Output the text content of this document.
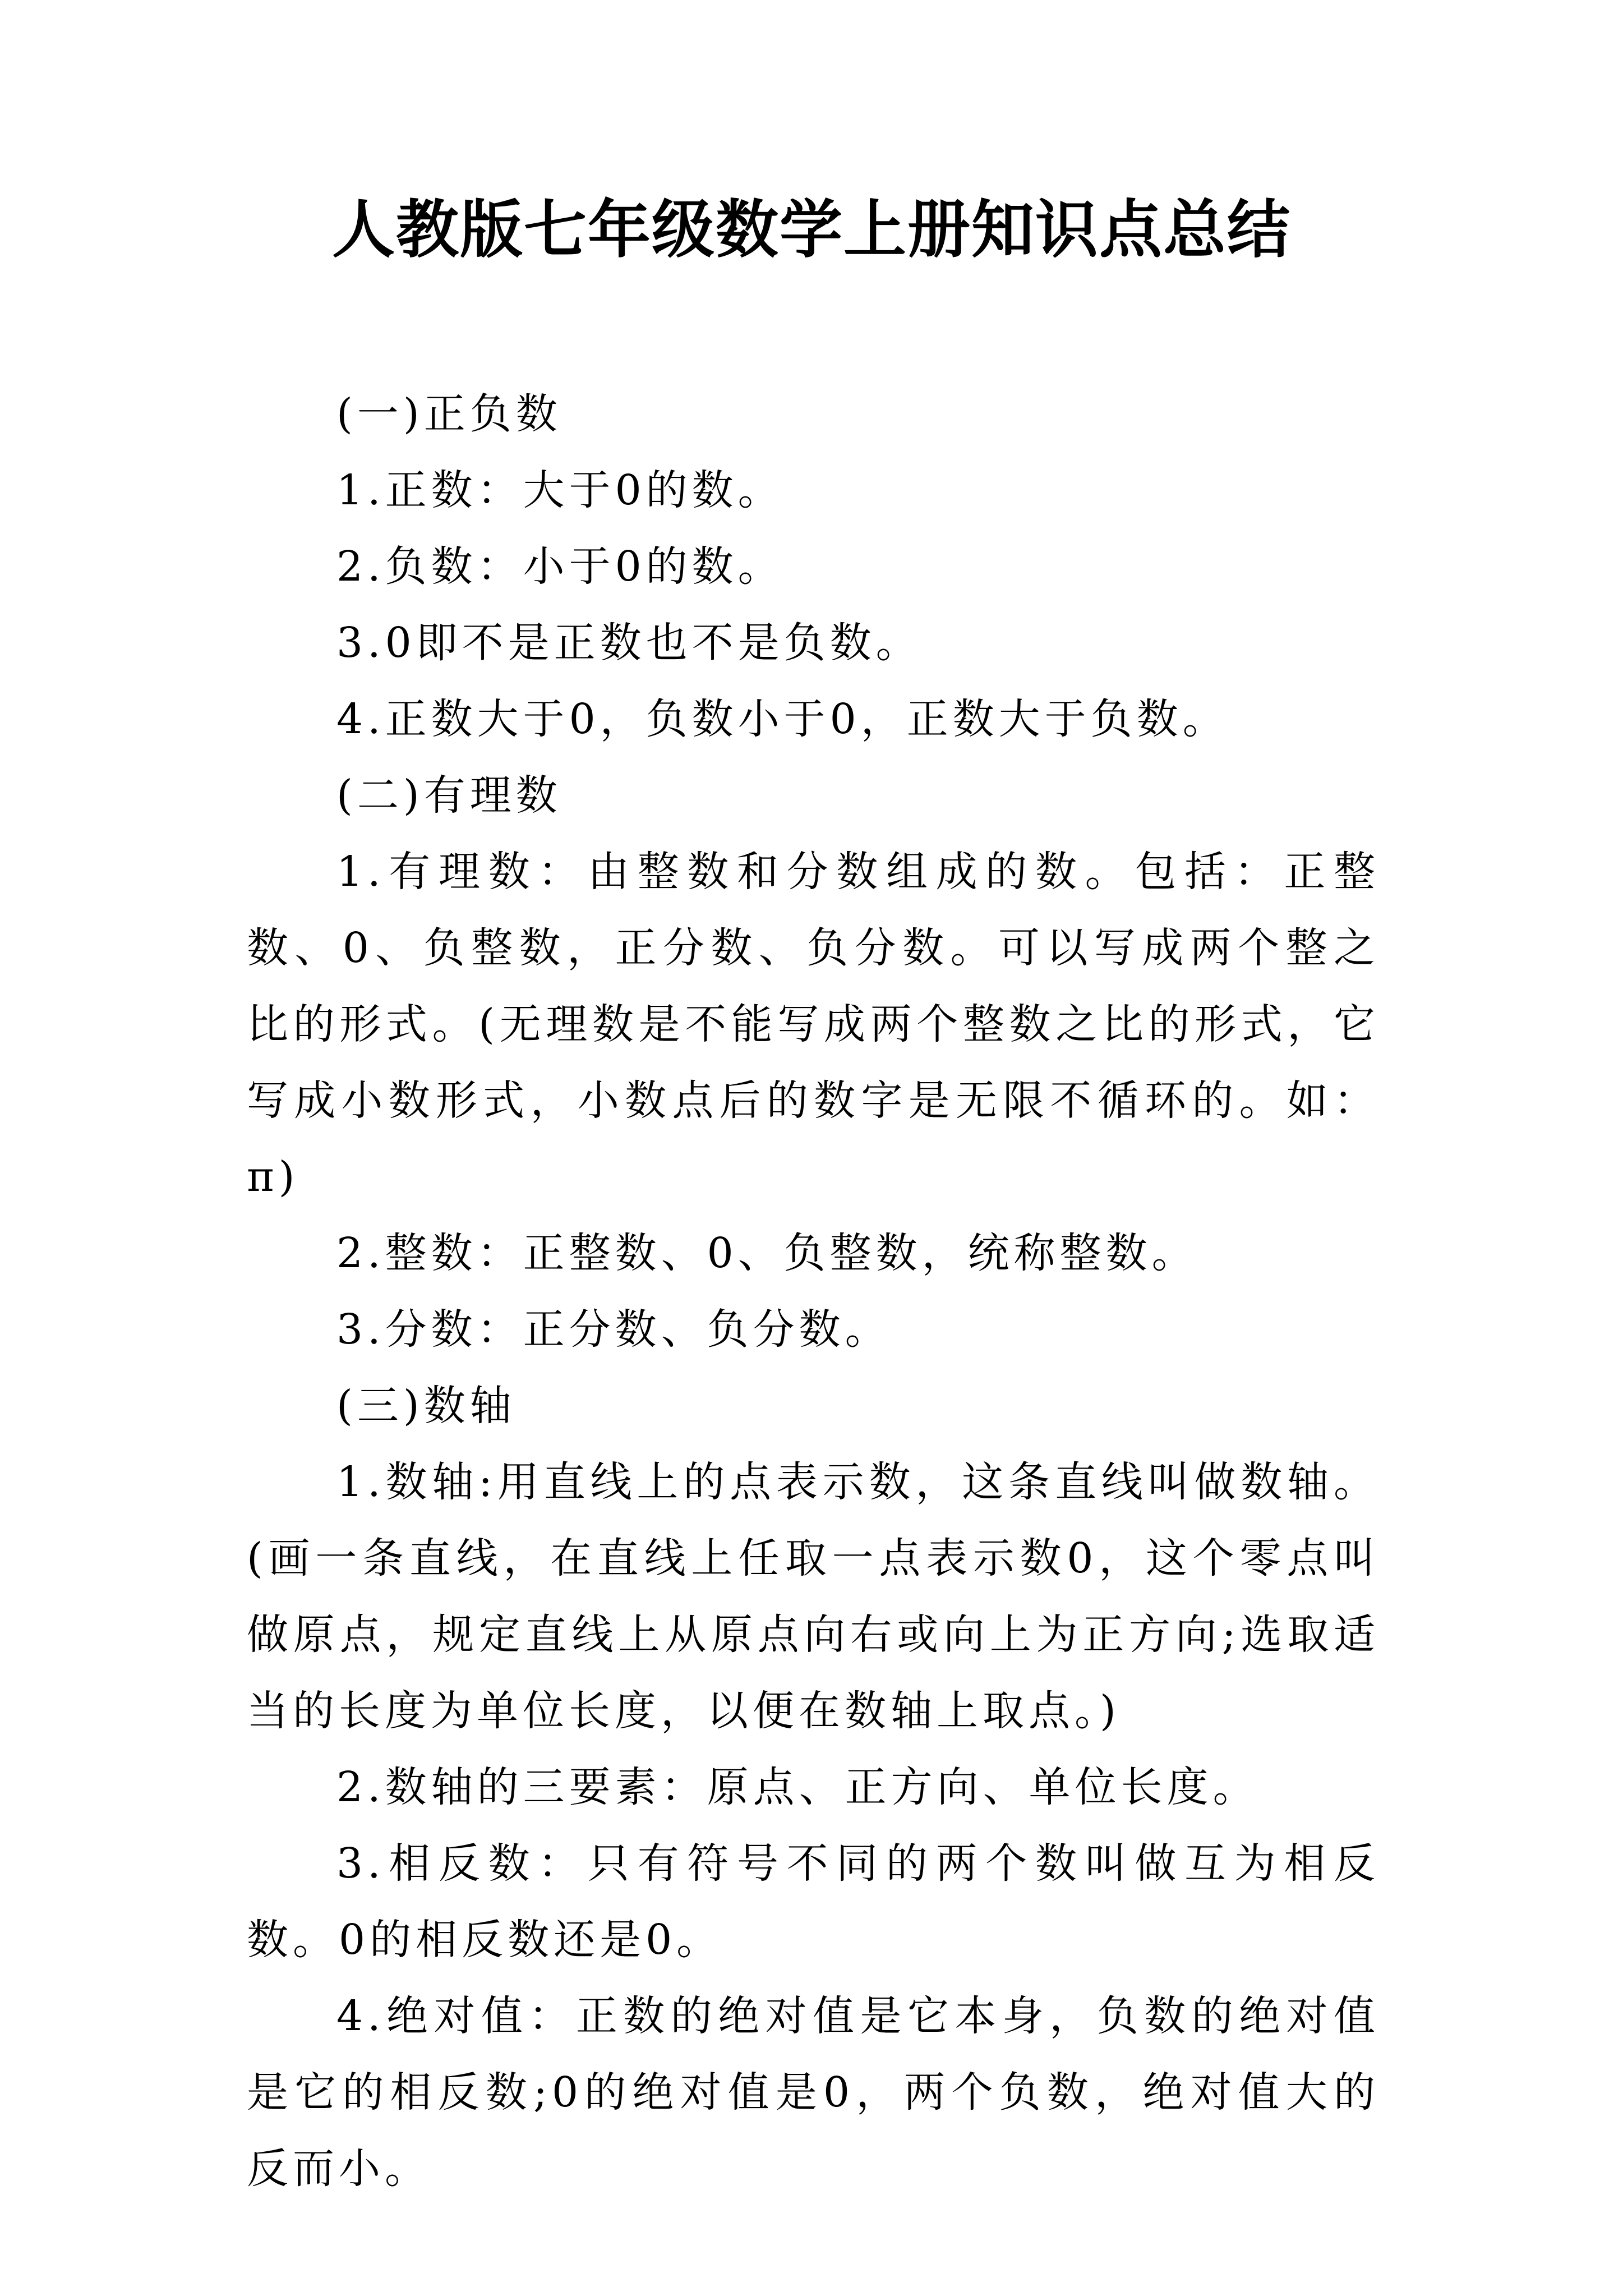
人教版七年级数学上册知识点总结

(一)正负数

1.正数：大于0的数。

2.负数：小于0的数。

3.0即不是正数也不是负数。

4.正数大于0，负数小于0，正数大于负数。

(二)有理数

1.有理数：由整数和分数组成的数。包括：正整数、0、负整数，正分数、负分数。可以写成两个整之比的形式。(无理数是不能写成两个整数之比的形式，它写成小数形式，小数点后的数字是无限不循环的。如：π)

2.整数：正整数、0、负整数，统称整数。

3.分数：正分数、负分数。

(三)数轴

1.数轴:用直线上的点表示数，这条直线叫做数轴。(画一条直线，在直线上任取一点表示数0，这个零点叫做原点，规定直线上从原点向右或向上为正方向;选取适当的长度为单位长度，以便在数轴上取点。)

2.数轴的三要素：原点、正方向、单位长度。

3.相反数：只有符号不同的两个数叫做互为相反数。0的相反数还是0。

4.绝对值：正数的绝对值是它本身，负数的绝对值是它的相反数;0的绝对值是0，两个负数，绝对值大的反而小。
